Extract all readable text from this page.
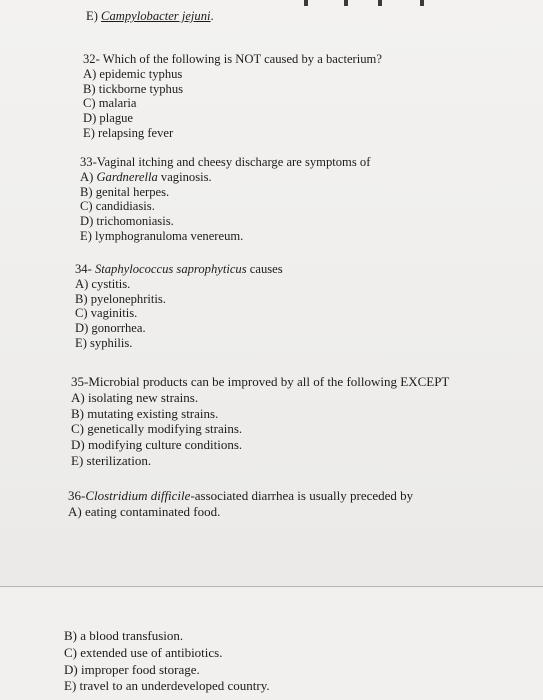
E) Campylobacter jejuni.
32- Which of the following is NOT caused by a bacterium?
A) epidemic typhus
B) tickborne typhus
C) malaria
D) plague
E) relapsing fever
33-Vaginal itching and cheesy discharge are symptoms of
A) Gardnerella vaginosis.
B) genital herpes.
C) candidiasis.
D) trichomoniasis.
E) lymphogranuloma venereum.
34- Staphylococcus saprophyticus causes
A) cystitis.
B) pyelonephritis.
C) vaginitis.
D) gonorrhea.
E) syphilis.
35-Microbial products can be improved by all of the following EXCEPT
A) isolating new strains.
B) mutating existing strains.
C) genetically modifying strains.
D) modifying culture conditions.
E) sterilization.
36-Clostridium difficile-associated diarrhea is usually preceded by
A) eating contaminated food.
B) a blood transfusion.
C) extended use of antibiotics.
D) improper food storage.
E) travel to an underdeveloped country.
